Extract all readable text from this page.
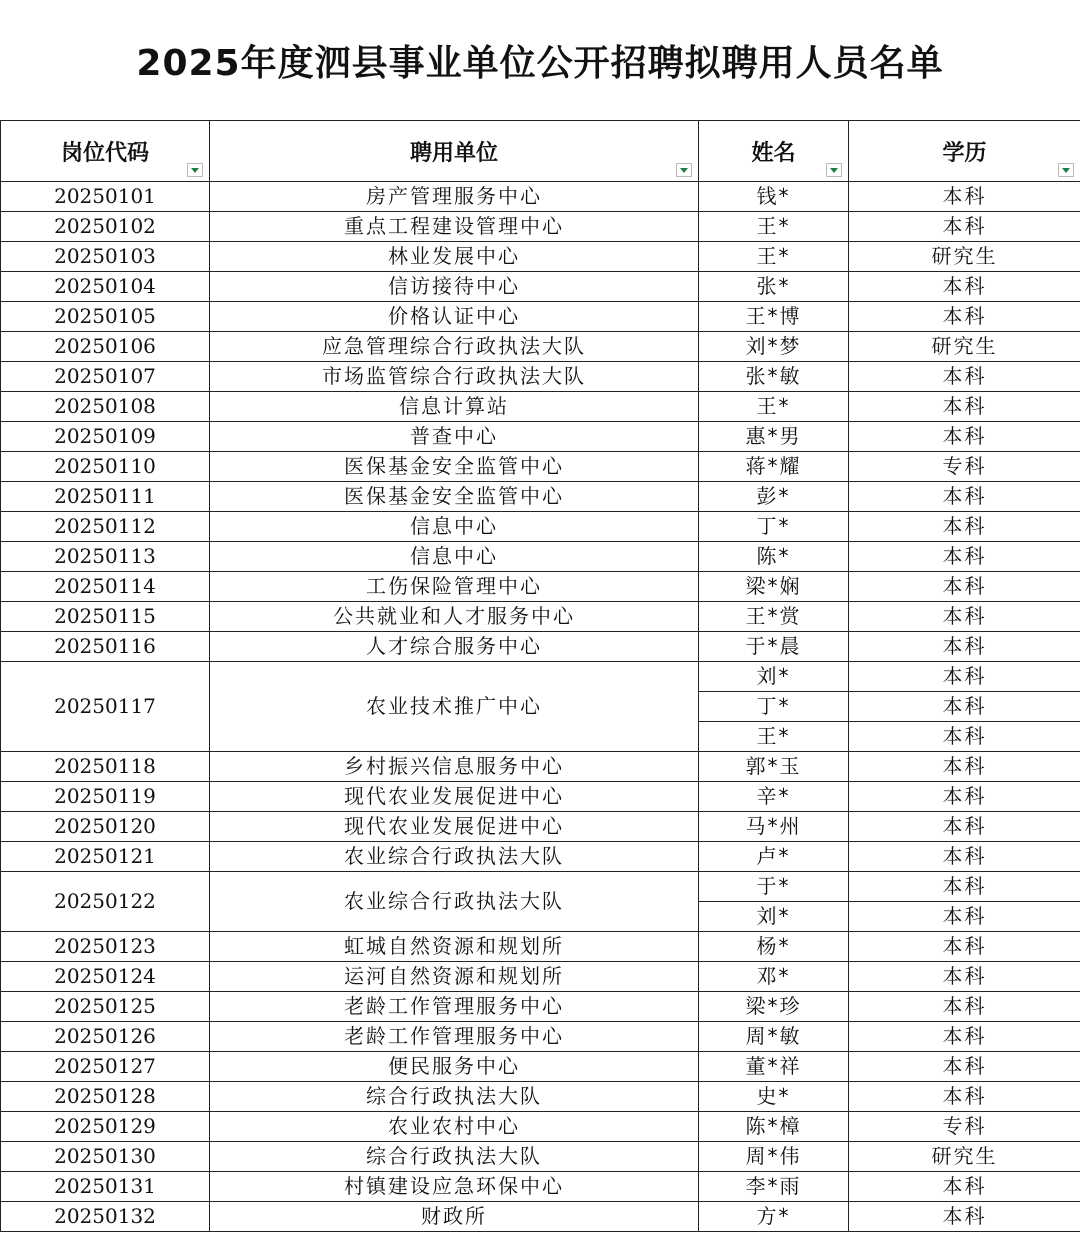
2025年度泗县事业单位公开招聘拟聘用人员名单
岗位代码	聘用单位	姓名	学历

20250101	房产管理服务中心	钱*	本科
20250102	重点工程建设管理中心	王*	本科
20250103	林业发展中心	王*	研究生
20250104	信访接待中心	张*	本科
20250105	价格认证中心	王*博	本科
20250106	应急管理综合行政执法大队	刘*梦	研究生
20250107	市场监管综合行政执法大队	张*敏	本科
20250108	信息计算站	王*	本科
20250109	普查中心	惠*男	本科
20250110	医保基金安全监管中心	蒋*耀	专科
20250111	医保基金安全监管中心	彭*	本科
20250112	信息中心	丁*	本科
20250113	信息中心	陈*	本科
20250114	工伤保险管理中心	梁*娴	本科
20250115	公共就业和人才服务中心	王*赏	本科
20250116	人才综合服务中心	于*晨	本科
20250117	农业技术推广中心	刘*	本科
		丁*	本科
		王*	本科
20250118	乡村振兴信息服务中心	郭*玉	本科
20250119	现代农业发展促进中心	辛*	本科
20250120	现代农业发展促进中心	马*州	本科
20250121	农业综合行政执法大队	卢*	本科
20250122	农业综合行政执法大队	于*	本科
		刘*	本科
20250123	虹城自然资源和规划所	杨*	本科
20250124	运河自然资源和规划所	邓*	本科
20250125	老龄工作管理服务中心	梁*珍	本科
20250126	老龄工作管理服务中心	周*敏	本科
20250127	便民服务中心	董*祥	本科
20250128	综合行政执法大队	史*	本科
20250129	农业农村中心	陈*樟	专科
20250130	综合行政执法大队	周*伟	研究生
20250131	村镇建设应急环保中心	李*雨	本科
20250132	财政所	方*	本科
